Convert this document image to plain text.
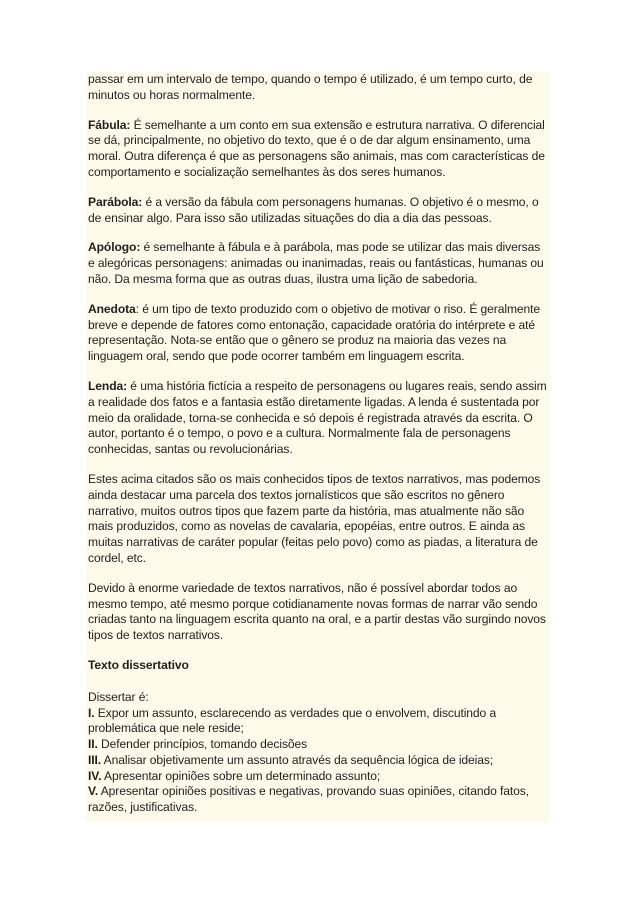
passar em um intervalo de tempo, quando o tempo é utilizado, é um tempo curto, de minutos ou horas normalmente.

Fábula: É semelhante a um conto em sua extensão e estrutura narrativa. O diferencial se dá, principalmente, no objetivo do texto, que é o de dar algum ensinamento, uma moral. Outra diferença é que as personagens são animais, mas com características de comportamento e socialização semelhantes às dos seres humanos.

Parábola: é a versão da fábula com personagens humanas. O objetivo é o mesmo, o de ensinar algo. Para isso são utilizadas situações do dia a dia das pessoas.

Apólogo: é semelhante à fábula e à parábola, mas pode se utilizar das mais diversas e alegóricas personagens: animadas ou inanimadas, reais ou fantásticas, humanas ou não. Da mesma forma que as outras duas, ilustra uma lição de sabedoria.

Anedota: é um tipo de texto produzido com o objetivo de motivar o riso. É geralmente breve e depende de fatores como entonação, capacidade oratória do intérprete e até representação. Nota-se então que o gênero se produz na maioria das vezes na linguagem oral, sendo que pode ocorrer também em linguagem escrita.

Lenda: é uma história fictícia a respeito de personagens ou lugares reais, sendo assim a realidade dos fatos e a fantasia estão diretamente ligadas. A lenda é sustentada por meio da oralidade, torna-se conhecida e só depois é registrada através da escrita. O autor, portanto é o tempo, o povo e a cultura. Normalmente fala de personagens conhecidas, santas ou revolucionárias.

Estes acima citados são os mais conhecidos tipos de textos narrativos, mas podemos ainda destacar uma parcela dos textos jornalísticos que são escritos no gênero narrativo, muitos outros tipos que fazem parte da história, mas atualmente não são mais produzidos, como as novelas de cavalaria, epopéias, entre outros. E ainda as muitas narrativas de caráter popular (feitas pelo povo) como as piadas, a literatura de cordel, etc.

Devido à enorme variedade de textos narrativos, não é possível abordar todos ao mesmo tempo, até mesmo porque cotidianamente novas formas de narrar vão sendo criadas tanto na linguagem escrita quanto na oral, e a partir destas vão surgindo novos tipos de textos narrativos.

Texto dissertativo

Dissertar é:
I. Expor um assunto, esclarecendo as verdades que o envolvem, discutindo a problemática que nele reside;
II. Defender princípios, tomando decisões
III. Analisar objetivamente um assunto através da sequência lógica de ideias;
IV. Apresentar opiniões sobre um determinado assunto;
V. Apresentar opiniões positivas e negativas, provando suas opiniões, citando fatos, razões, justificativas.
